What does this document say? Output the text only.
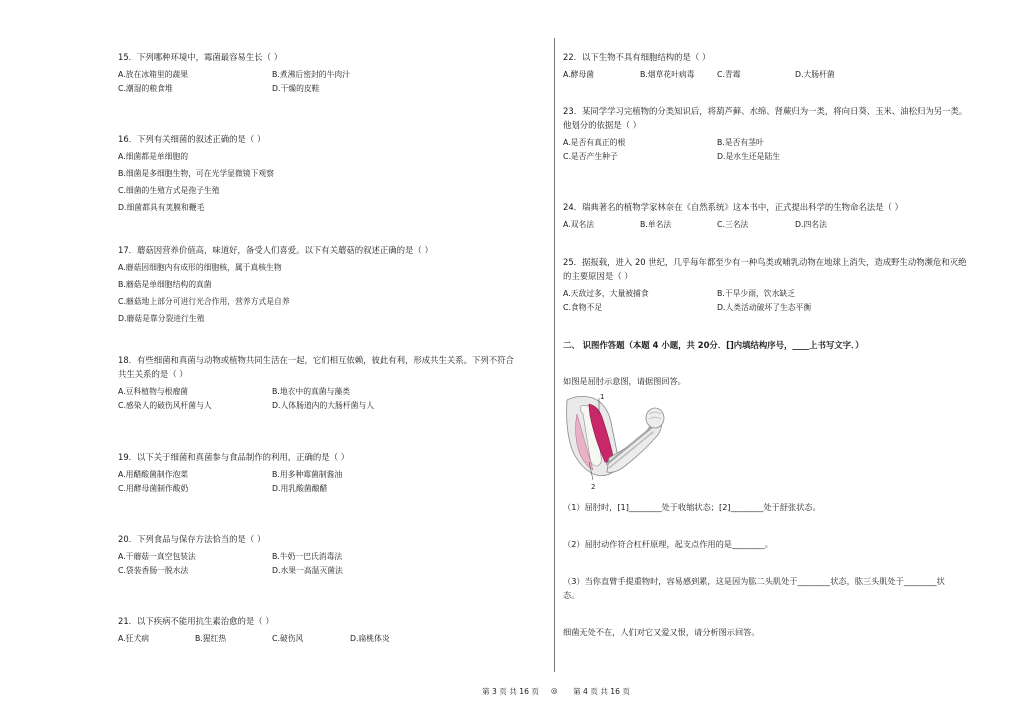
15．下列哪种环境中，霉菌最容易生长（ ）
A.放在冰箱里的蔬果	B.煮沸后密封的牛肉汁
C.潮湿的粮食堆	D.干燥的皮鞋
16．下列有关细菌的叙述正确的是（ ）
A.细菌都是单细胞的
B.细菌是多细胞生物，可在光学显微镜下观察
C.细菌的生殖方式是孢子生殖
D.细菌都具有荚膜和鞭毛
17．蘑菇因营养价值高，味道好，备受人们喜爱。以下有关蘑菇的叙述正确的是（ ）
A.蘑菇因细胞内有成形的细胞核，属于真核生物
B.蘑菇是单细胞结构的真菌
C.蘑菇地上部分可进行光合作用，营养方式是自养
D.蘑菇是靠分裂进行生殖
18．有些细菌和真菌与动物或植物共同生活在一起，它们相互依赖，彼此有利，形成共生关系。下列不符合
共生关系的是（ ）
A.豆科植物与根瘤菌	B.地衣中的真菌与藻类
C.感染人的破伤风杆菌与人	D.人体肠道内的大肠杆菌与人
19．以下关于细菌和真菌参与食品制作的利用，正确的是（ ）
A.用醋酸菌制作泡菜	B.用多种霉菌制酱油
C.用酵母菌制作酸奶	D.用乳酸菌酿醋
20．下列食品与保存方法恰当的是（ ）
A.干蘑菇一真空包装法	B.牛奶一巴氏消毒法
C.袋装香肠一脱水法	D.水果一高温灭菌法
21．以下疾病不能用抗生素治愈的是（ ）
A.狂犬病	B.猩红热	C.破伤风	D.扁桃体炎
22．以下生物不具有细胞结构的是（ ）
A.酵母菌	B.烟草花叶病毒	C.青霉	D.大肠杆菌
23．某同学学习完植物的分类知识后，将葫芦藓、水绵、肾蕨归为一类，将向日葵、玉米、油松归为另一类。
他划分的依据是（ ）
A.是否有真正的根	B.是否有茎叶
C.是否产生种子	D.是水生还是陆生
24．瑞典著名的植物学家林奈在《自然系统》这本书中，正式提出科学的生物命名法是（ ）
A.双名法	B.单名法	C.三名法	D.四名法
25．据报载，进入 20 世纪，几乎每年都至少有一种鸟类或哺乳动物在地球上消失，造成野生动物濒危和灭绝
的主要原因是（ ）
A.天敌过多，大量被捕食	B.干旱少雨，饮水缺乏
C.食物不足	D.人类活动破坏了生态平衡
二、 识图作答题（本题 4 小题，共 20分．[]内填结构序号，____上书写文字．）
如图是屈肘示意图，请据图回答。
1
2
（1）屈肘时，[1]________处于收缩状态；[2]________处于舒张状态。
（2）屈肘动作符合杠杆原理，起支点作用的是________。
（3）当你直臂手提重物时，容易感到累，这是因为肱二头肌处于________状态，肱三头肌处于________状
态。
细菌无处不在，人们对它又爱又恨，请分析图示回答。
第 3 页 共 16 页 ◎ 第 4 页 共 16 页
